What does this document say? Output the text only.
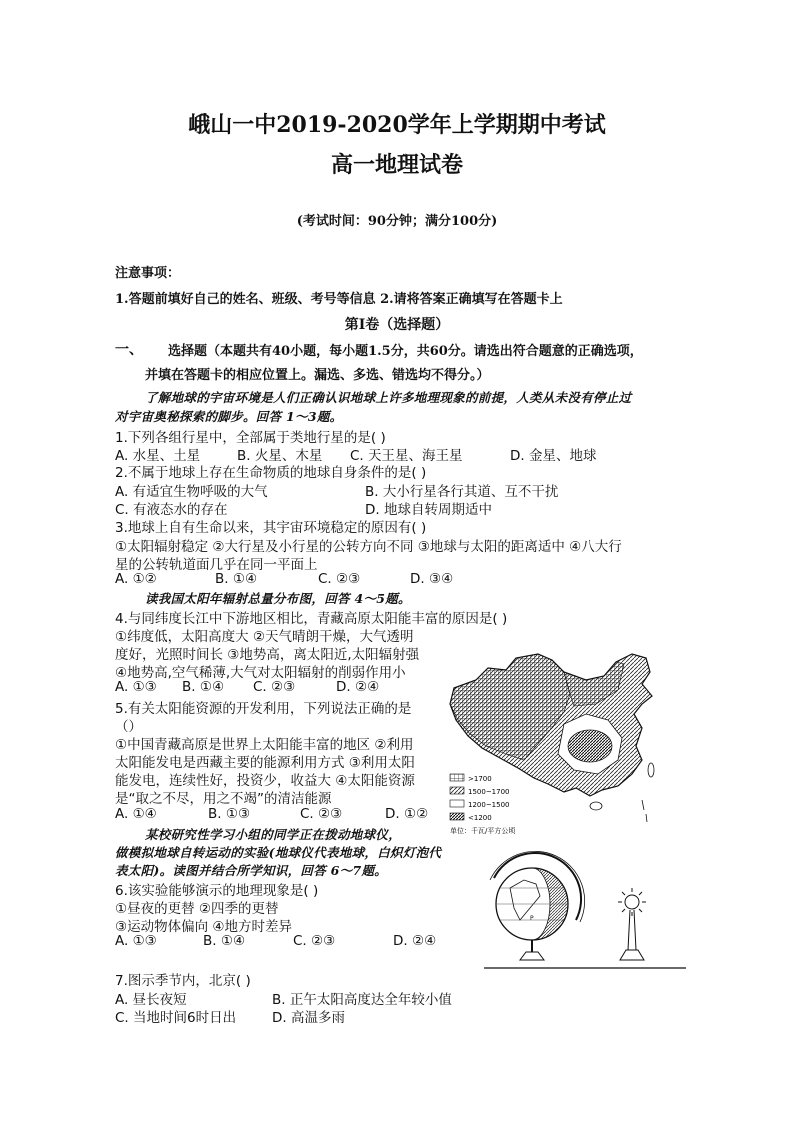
峨山一中2019-2020学年上学期期中考试
高一地理试卷
(考试时间：90分钟；满分100分)
注意事项：
1.答题前填好自己的姓名、班级、考号等信息 2.请将答案正确填写在答题卡上
第Ⅰ卷（选择题）
一、 选择题（本题共有40小题，每小题1.5分，共60分。请选出符合题意的正确选项，
并填在答题卡的相应位置上。漏选、多选、错选均不得分。）
了解地球的宇宙环境是人们正确认识地球上许多地理现象的前提，人类从未没有停止过
对宇宙奥秘探索的脚步。回答 1～3题。
1.下列各组行星中，全部属于类地行星的是( )
A. 水星、土星	B. 火星、木星 C. 天王星、海王星	D. 金星、地球
2.不属于地球上存在生命物质的地球自身条件的是( )
A. 有适宜生物呼吸的大气	B. 大小行星各行其道、互不干扰
C. 有液态水的存在	D. 地球自转周期适中
3.地球上自有生命以来，其宇宙环境稳定的原因有( )
①太阳辐射稳定 ②大行星及小行星的公转方向不同 ③地球与太阳的距离适中 ④八大行
星的公转轨道面几乎在同一平面上
A. ①②	B. ①④	C. ②③	D. ③④
读我国太阳年辐射总量分布图，回答 4～5题。
4.与同纬度长江中下游地区相比，青藏高原太阳能丰富的原因是( )
①纬度低，太阳高度大 ②天气晴朗干燥，大气透明
度好，光照时间长 ③地势高，离太阳近,太阳辐射强
④地势高,空气稀薄,大气对太阳辐射的削弱作用小
A. ①③ B. ①④ C. ②③	D. ②④
5.有关太阳能资源的开发利用，下列说法正确的是
（）
①中国青藏高原是世界上太阳能丰富的地区 ②利用
太阳能发电是西藏主要的能源利用方式 ③利用太阳
能发电，连续性好，投资少，收益大 ④太阳能资源
是“取之不尽，用之不竭”的清洁能源
A. ①④	B. ①③	C. ②③	D. ①②
某校研究性学习小组的同学正在拨动地球仪，
做模拟地球自转运动的实验(地球仪代表地球，白炽灯泡代
表太阳)。读图并结合所学知识，回答 6～7题。
6.该实验能够演示的地理现象是( )
①昼夜的更替 ②四季的更替
③运动物体偏向 ④地方时差异
A. ①③	B. ①④	C. ②③	D. ②④
7.图示季节内，北京( )
A. 昼长夜短	B. 正午太阳高度达全年较小值
C. 当地时间6时日出	D. 高温多雨
>1700
1500~1700
1200~1500
<1200
单位：千瓦/平方公顷
P
